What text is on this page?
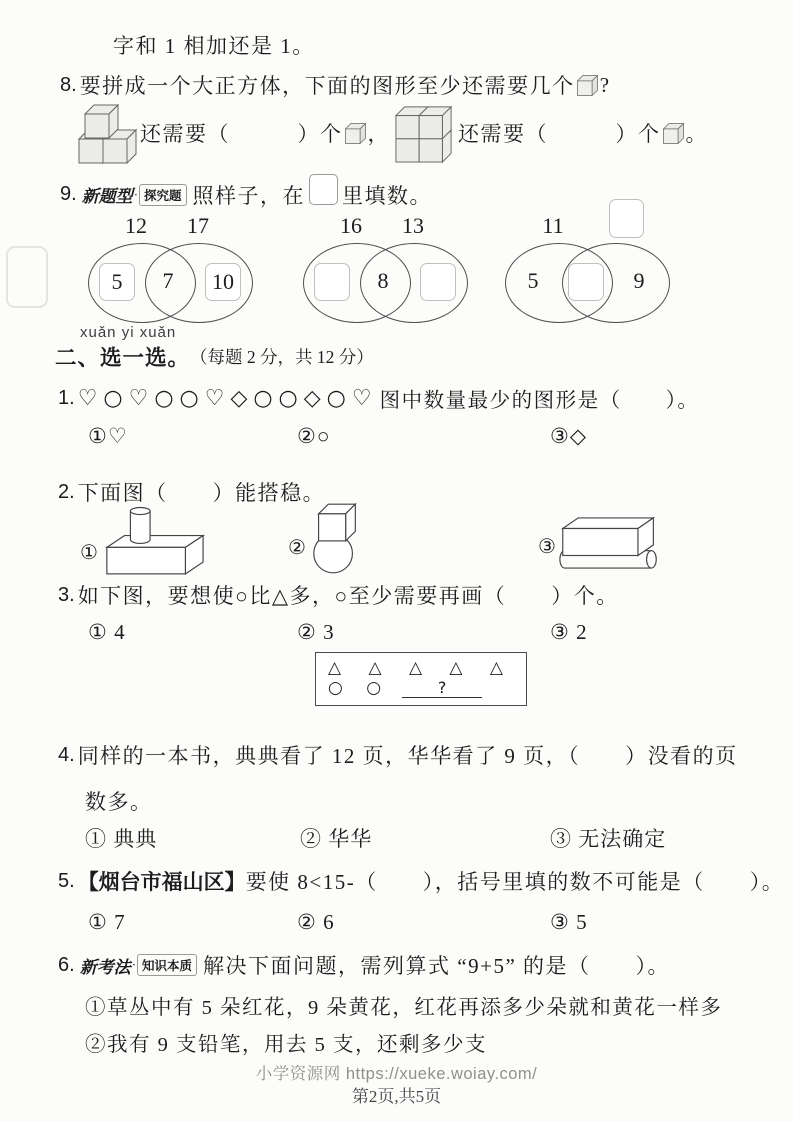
字和 1 相加还是 1。
8. 要拼成一个大正方体，下面的图形至少还需要几个 ?
还需要（　　　）个 ，	还需要（　　　）个 。
9. 新题型 · 探究题 照样子，在 里填数。
12	17
5	7	10
16	13
8
11
5	9
xuǎn yi xuǎn
二、选一选。 （每题 2 分，共 12 分）
1. ♡○♡○○♡◇○○◇○♡ 图中数量最少的图形是（　　）。
①♡	②○	③◇
2. 下面图（　　）能搭稳。
①	②	③
3. 如下图，要想使○比△多，○至少需要再画（　　）个。
① 4	② 3	③ 2
△ △ △ △ △
○ ○	?
4. 同样的一本书，典典看了 12 页，华华看了 9 页，（　　）没看的页
数多。
① 典典	② 华华	③ 无法确定
5. 【烟台市福山区】 要使 8<15-（　　），括号里填的数不可能是（　　）。
① 7	② 6	③ 5
6. 新考法 · 知识本质 解决下面问题，需列算式 “9+5” 的是（　　）。
①草丛中有 5 朵红花，9 朵黄花，红花再添多少朵就和黄花一样多
②我有 9 支铅笔，用去 5 支，还剩多少支
小学资源网 https://xueke.woiay.com/
第2页,共5页
